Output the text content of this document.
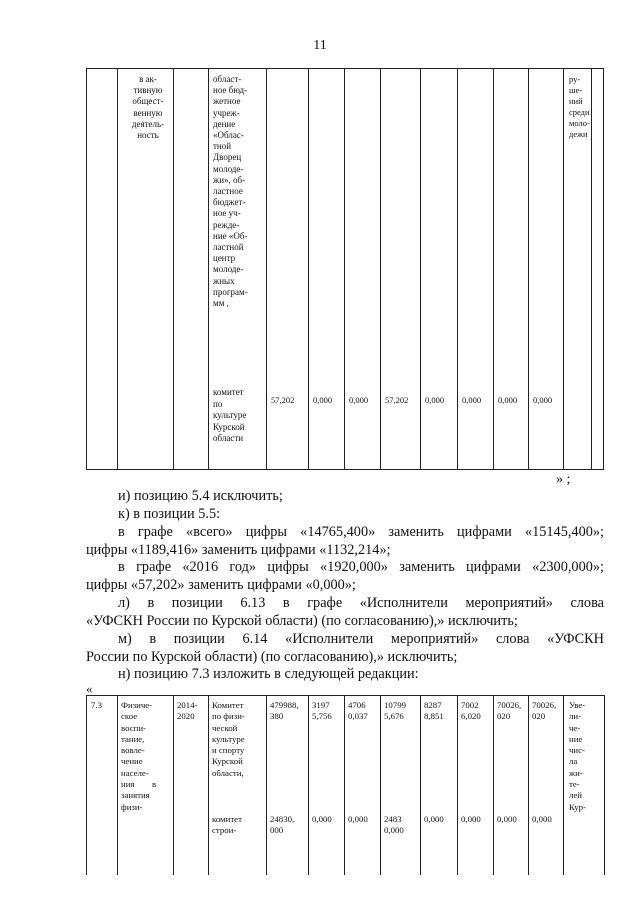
11
в ак-
тивную
общест-
венную
деятель-
ность
област-
ное бюд-
жетное
учреж-
дение
«Облас-
тной
Дворец
молоде-
жи», об-
ластное
бюджет-
ное уч-
режде-
ние «Об-
ластной
центр
молоде-
жных
програм-
мм ,
комитет
по
культуре
Курской
области
ру-
ше-
ний
среди
моло-
дежи
57,202 0,000 0,000 57,202 0,000 0,000 0,000 0,000
» ;
и) позицию 5.4 исключить;
к) в позиции 5.5:
в графе «всего» цифры «14765,400» заменить цифрами «15145,400»;
цифры «1189,416» заменить цифрами «1132,214»;
в графе «2016 год» цифры «1920,000» заменить цифрами «2300,000»;
цифры «57,202» заменить цифрами «0,000»;
л) в позиции 6.13 в графе «Исполнители мероприятий» слова
«УФСКН России по Курской области) (по согласованию),» исключить;
м) в позиции 6.14 «Исполнители мероприятий» слова «УФСКН
России по Курской области) (по согласованию),» исключить;
н) позицию 7.3 изложить в следующей редакции:
«
7.3 Физиче-
ское
воспи-
тание,
вовле-
чение
населе-
ния        в
занятия
физи-
2014-
2020
Комитет
по физи-
ческой
культуре
и спорту
Курской
области,
комитет
строи-
479988,
380
3197
5,756
4706
0,037
10799
5,676
8287
8,851
7002
6,020
70026,
020
70026,
020
24830,
000
0,000 0,000 2483
0,000
0,000 0,000 0,000 0,000
Уве-
ли-
че-
ние
чис-
ла
жи-
те-
лей
Кур-
